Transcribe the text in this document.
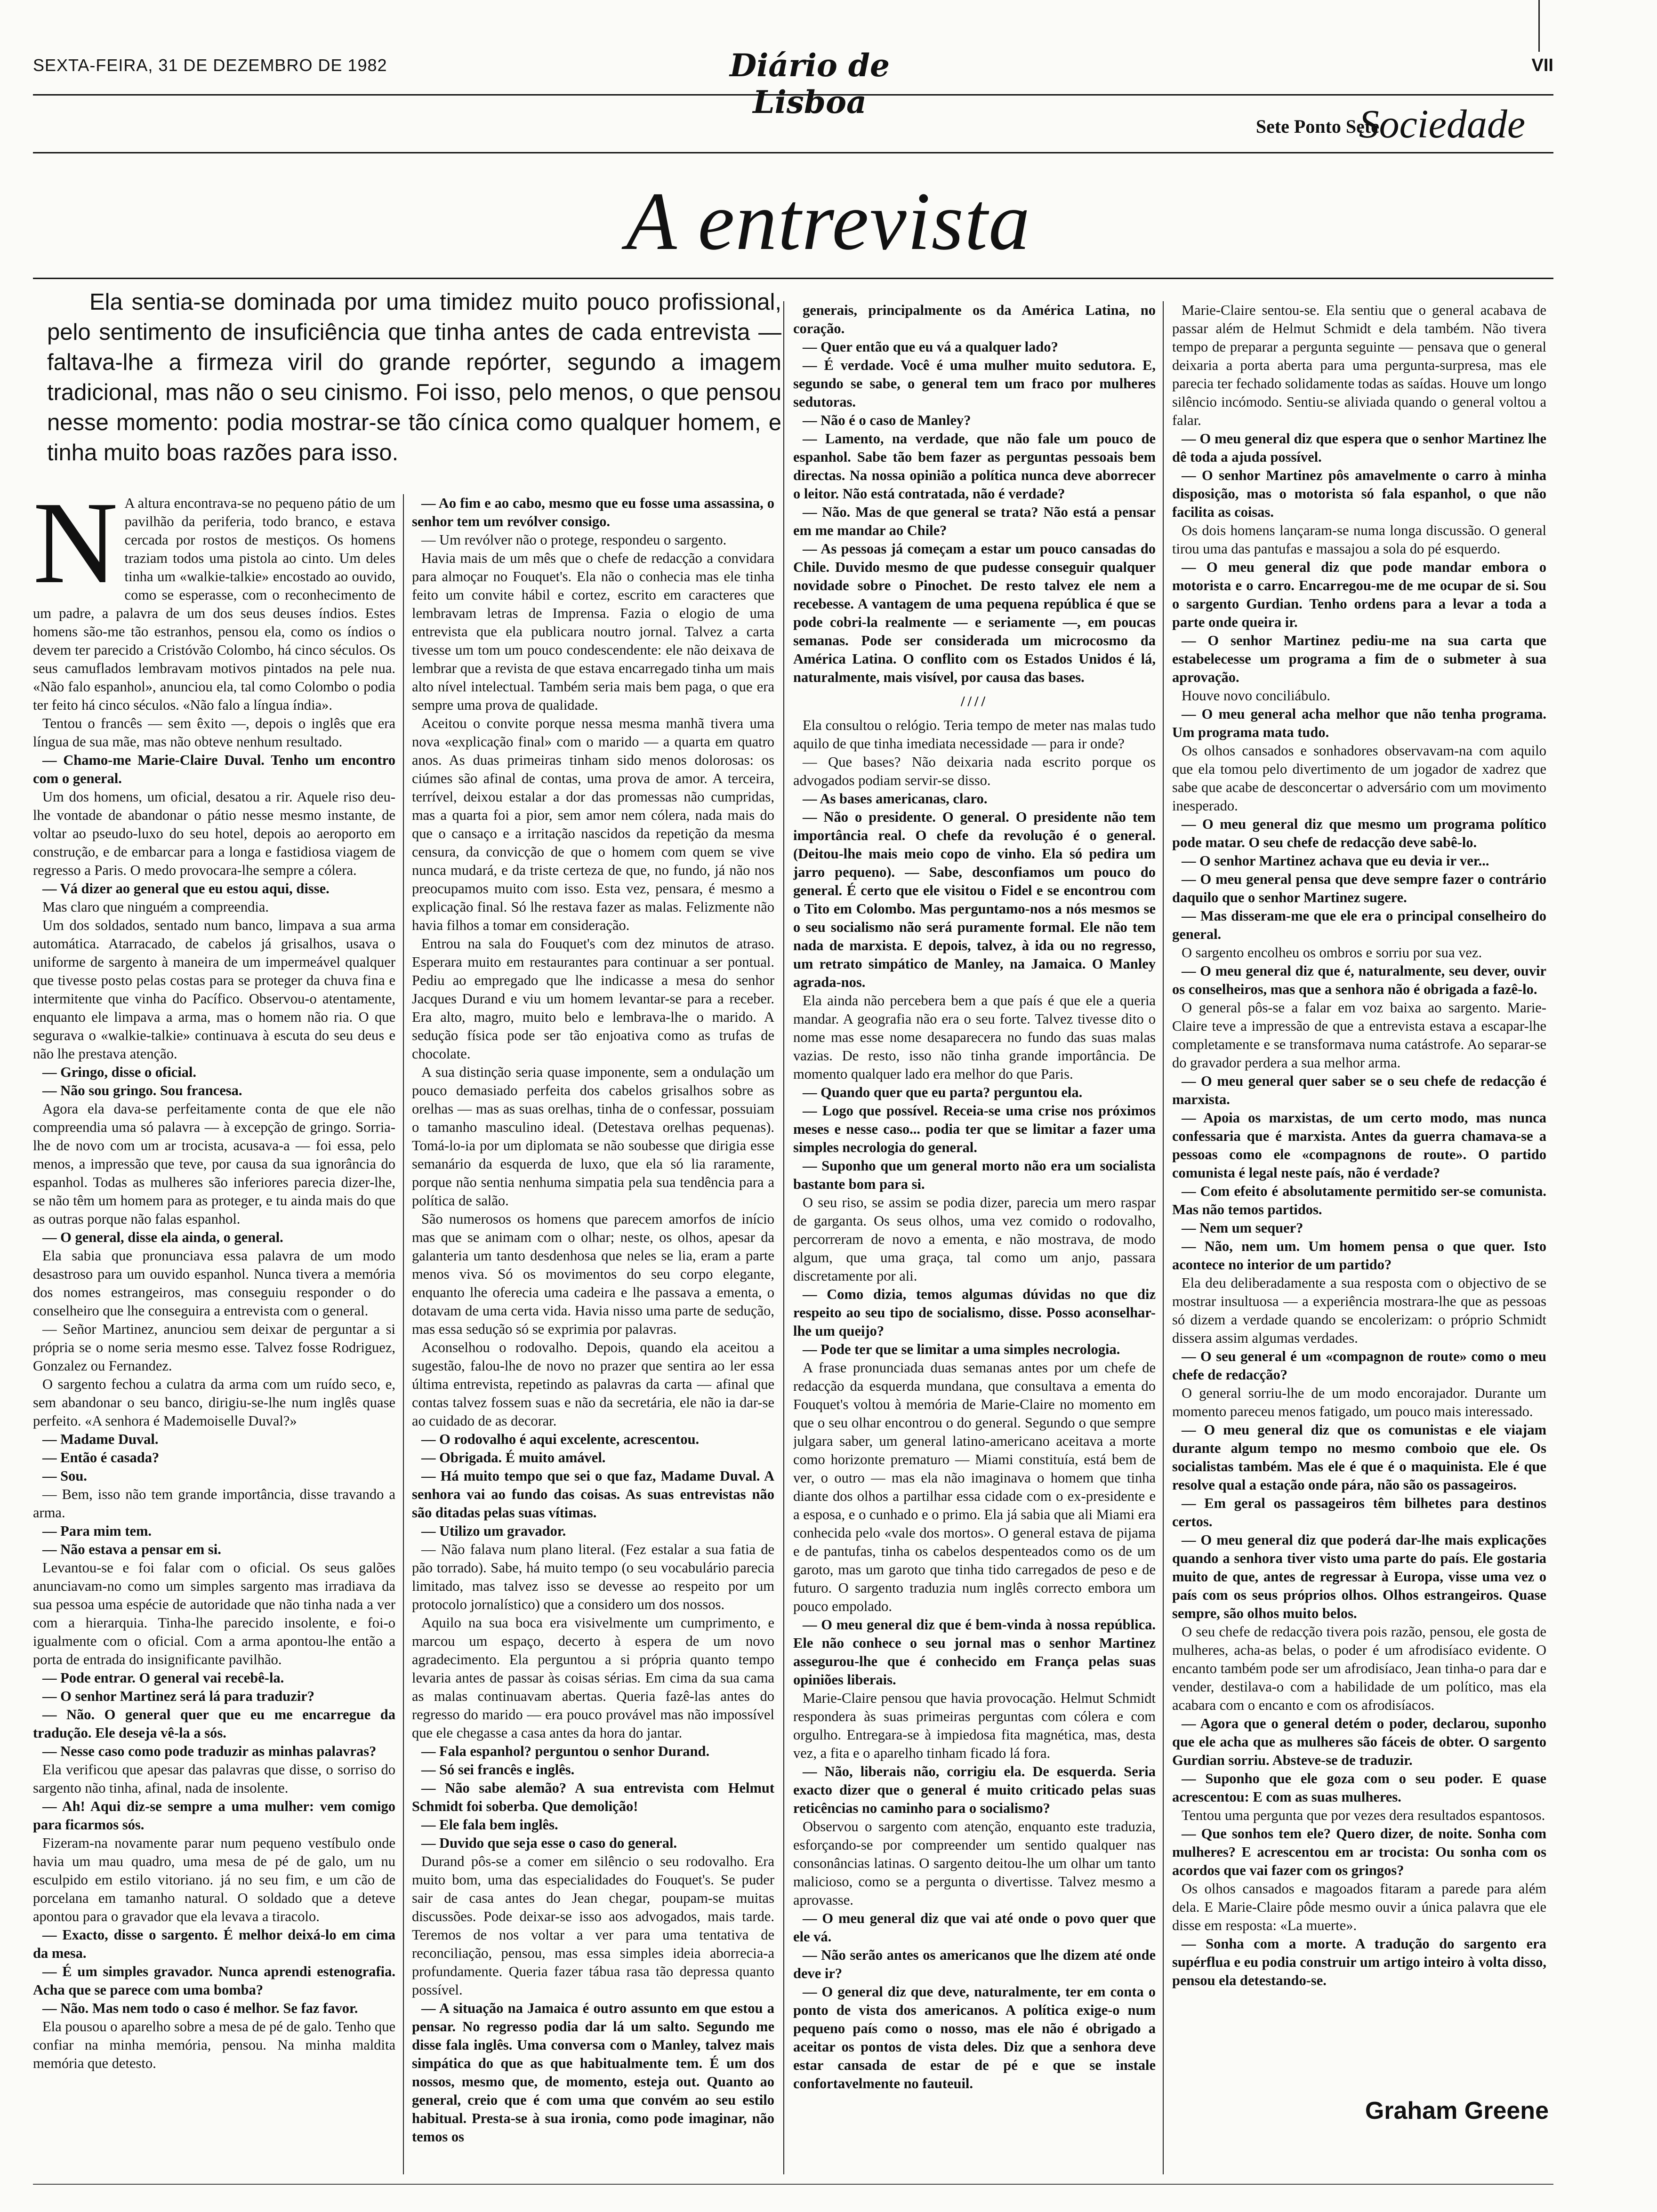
SEXTA-FEIRA, 31 DE DEZEMBRO DE 1982	Diário de Lisboa
VII
Sete Ponto Sete
Sociedade
A entrevista
Ela sentia-se dominada por uma timidez muito pouco profissional, pelo sentimento de insuficiência que tinha antes de cada entrevista — faltava-lhe a firmeza viril do grande repórter, segundo a imagem tradicional, mas não o seu cinismo. Foi isso, pelo menos, o que pensou nesse momento: podia mostrar-se tão cínica como qualquer homem, e tinha muito boas razões para isso.
N A altura encontrava-se no pequeno pátio de um pavilhão da periferia, todo branco, e estava cercada por rostos de mestiços. Os homens traziam todos uma pistola ao cinto. Um deles tinha um «walkie-talkie» encostado ao ouvido, como se esperasse, com o reconhecimento de um padre, a palavra de um dos seus deuses índios. Estes homens são-me tão estranhos, pensou ela, como os índios o devem ter parecido a Cristóvão Colombo, há cinco séculos. Os seus camuflados lembravam motivos pintados na pele nua. «Não falo espanhol», anunciou ela, tal como Colombo o podia ter feito há cinco séculos. «Não falo a língua índia».

Tentou o francês — sem êxito —, depois o inglês que era língua de sua mãe, mas não obteve nenhum resultado.

— Chamo-me Marie-Claire Duval. Tenho um encontro com o general.

Um dos homens, um oficial, desatou a rir. Aquele riso deu-lhe vontade de abandonar o pátio nesse mesmo instante, de voltar ao pseudo-luxo do seu hotel, depois ao aeroporto em construção, e de embarcar para a longa e fastidiosa viagem de regresso a Paris. O medo provocara-lhe sempre a cólera.

— Vá dizer ao general que eu estou aqui, disse.

Mas claro que ninguém a compreendia.

Um dos soldados, sentado num banco, limpava a sua arma automática. Atarracado, de cabelos já grisalhos, usava o uniforme de sargento à maneira de um impermeável qualquer que tivesse posto pelas costas para se proteger da chuva fina e intermitente que vinha do Pacífico. Observou-o atentamente, enquanto ele limpava a arma, mas o homem não ria. O que segurava o «walkie-talkie» continuava à escuta do seu deus e não lhe prestava atenção.

— Gringo, disse o oficial.

— Não sou gringo. Sou francesa.

Agora ela dava-se perfeitamente conta de que ele não compreendia uma só palavra — à excepção de gringo. Sorria-lhe de novo com um ar trocista, acusava-a — foi essa, pelo menos, a impressão que teve, por causa da sua ignorância do espanhol. Todas as mulheres são inferiores parecia dizer-lhe, se não têm um homem para as proteger, e tu ainda mais do que as outras porque não falas espanhol.

— O general, disse ela ainda, o general.

Ela sabia que pronunciava essa palavra de um modo desastroso para um ouvido espanhol. Nunca tivera a memória dos nomes estrangeiros, mas conseguiu responder o do conselheiro que lhe conseguira a entrevista com o general.

— Señor Martinez, anunciou sem deixar de perguntar a si própria se o nome seria mesmo esse. Talvez fosse Rodriguez, Gonzalez ou Fernandez.

O sargento fechou a culatra da arma com um ruído seco, e, sem abandonar o seu banco, dirigiu-se-lhe num inglês quase perfeito. «A senhora é Mademoiselle Duval?»

— Madame Duval.

— Então é casada?

— Sou.

— Bem, isso não tem grande importância, disse travando a arma.

— Para mim tem.

— Não estava a pensar em si.

Levantou-se e foi falar com o oficial. Os seus galões anunciavam-no como um simples sargento mas irradiava da sua pessoa uma espécie de autoridade que não tinha nada a ver com a hierarquia. Tinha-lhe parecido insolente, e foi-o igualmente com o oficial. Com a arma apontou-lhe então a porta de entrada do insignificante pavilhão.

— Pode entrar. O general vai recebê-la.

— O senhor Martinez será lá para traduzir?

— Não. O general quer que eu me encarregue da tradução. Ele deseja vê-la a sós.

— Nesse caso como pode traduzir as minhas palavras?

Ela verificou que apesar das palavras que disse, o sorriso do sargento não tinha, afinal, nada de insolente.

— Ah! Aqui diz-se sempre a uma mulher: vem comigo para ficarmos sós.

Fizeram-na novamente parar num pequeno vestíbulo onde havia um mau quadro, uma mesa de pé de galo, um nu esculpido em estilo vitoriano. já no seu fim, e um cão de porcelana em tamanho natural. O soldado que a deteve apontou para o gravador que ela levava a tiracolo.

— Exacto, disse o sargento. É melhor deixá-lo em cima da mesa.

— É um simples gravador. Nunca aprendi estenografia. Acha que se parece com uma bomba?

— Não. Mas nem todo o caso é melhor. Se faz favor.

Ela pousou o aparelho sobre a mesa de pé de galo. Tenho que confiar na minha memória, pensou. Na minha maldita memória que detesto.

— Ao fim e ao cabo, mesmo que eu fosse uma assassina, o senhor tem um revólver consigo.

— Um revólver não o protege, respondeu o sargento.

Havia mais de um mês que o chefe de redacção a convidara para almoçar no Fouquet's. Ela não o conhecia mas ele tinha feito um convite hábil e cortez, escrito em caracteres que lembravam letras de Imprensa. Fazia o elogio de uma entrevista que ela publicara noutro jornal. Talvez a carta tivesse um tom um pouco condescendente: ele não deixava de lembrar que a revista de que estava encarregado tinha um mais alto nível intelectual. Também seria mais bem paga, o que era sempre uma prova de qualidade.

Aceitou o convite porque nessa mesma manhã tivera uma nova «explicação final» com o marido — a quarta em quatro anos. As duas primeiras tinham sido menos dolorosas: os ciúmes são afinal de contas, uma prova de amor. A terceira, terrível, deixou estalar a dor das promessas não cumpridas, mas a quarta foi a pior, sem amor nem cólera, nada mais do que o cansaço e a irritação nascidos da repetição da mesma censura, da convicção de que o homem com quem se vive nunca mudará, e da triste certeza de que, no fundo, já não nos preocupamos muito com isso. Esta vez, pensara, é mesmo a explicação final. Só lhe restava fazer as malas. Felizmente não havia filhos a tomar em consideração.

Entrou na sala do Fouquet's com dez minutos de atraso. Esperara muito em restaurantes para continuar a ser pontual. Pediu ao empregado que lhe indicasse a mesa do senhor Jacques Durand e viu um homem levantar-se para a receber. Era alto, magro, muito belo e lembrava-lhe o marido. A sedução física pode ser tão enjoativa como as trufas de chocolate.

A sua distinção seria quase imponente, sem a ondulação um pouco demasiado perfeita dos cabelos grisalhos sobre as orelhas — mas as suas orelhas, tinha de o confessar, possuiam o tamanho masculino ideal. (Detestava orelhas pequenas). Tomá-lo-ia por um diplomata se não soubesse que dirigia esse semanário da esquerda de luxo, que ela só lia raramente, porque não sentia nenhuma simpatia pela sua tendência para a política de salão.

São numerosos os homens que parecem amorfos de início mas que se animam com o olhar; neste, os olhos, apesar da galanteria um tanto desdenhosa que neles se lia, eram a parte menos viva. Só os movimentos do seu corpo elegante, enquanto lhe oferecia uma cadeira e lhe passava a ementa, o dotavam de uma certa vida. Havia nisso uma parte de sedução, mas essa sedução só se exprimia por palavras.

Aconselhou o rodovalho. Depois, quando ela aceitou a sugestão, falou-lhe de novo no prazer que sentira ao ler essa última entrevista, repetindo as palavras da carta — afinal que contas talvez fossem suas e não da secretária, ele não ia dar-se ao cuidado de as decorar.

— O rodovalho é aqui excelente, acrescentou.

— Obrigada. É muito amável.

— Há muito tempo que sei o que faz, Madame Duval. A senhora vai ao fundo das coisas. As suas entrevistas não são ditadas pelas suas vítimas.

— Utilizo um gravador.

— Não falava num plano literal. (Fez estalar a sua fatia de pão torrado). Sabe, há muito tempo (o seu vocabulário parecia limitado, mas talvez isso se devesse ao respeito por um protocolo jornalístico) que a considero um dos nossos.

Aquilo na sua boca era visivelmente um cumprimento, e marcou um espaço, decerto à espera de um novo agradecimento. Ela perguntou a si própria quanto tempo levaria antes de passar às coisas sérias. Em cima da sua cama as malas continuavam abertas. Queria fazê-las antes do regresso do marido — era pouco provável mas não impossível que ele chegasse a casa antes da hora do jantar.

— Fala espanhol? perguntou o senhor Durand.

— Só sei francês e inglês.

— Não sabe alemão? A sua entrevista com Helmut Schmidt foi soberba. Que demolição!

— Ele fala bem inglês.

— Duvido que seja esse o caso do general.

Durand pôs-se a comer em silêncio o seu rodovalho. Era muito bom, uma das especialidades do Fouquet's. Se puder sair de casa antes do Jean chegar, poupam-se muitas discussões. Pode deixar-se isso aos advogados, mais tarde. Teremos de nos voltar a ver para uma tentativa de reconciliação, pensou, mas essa simples ideia aborrecia-a profundamente. Queria fazer tábua rasa tão depressa quanto possível.

— A situação na Jamaica é outro assunto em que estou a pensar. No regresso podia dar lá um salto. Segundo me disse fala inglês. Uma conversa com o Manley, talvez mais simpática do que as que habitualmente tem. É um dos nossos, mesmo que, de momento, esteja out. Quanto ao general, creio que é com uma que convém ao seu estilo habitual. Presta-se à sua ironia, como pode imaginar, não temos os

generais, principalmente os da América Latina, no coração.

— Quer então que eu vá a qualquer lado?

— É verdade. Você é uma mulher muito sedutora. E, segundo se sabe, o general tem um fraco por mulheres sedutoras.

— Não é o caso de Manley?

— Lamento, na verdade, que não fale um pouco de espanhol. Sabe tão bem fazer as perguntas pessoais bem directas. Na nossa opinião a política nunca deve aborrecer o leitor. Não está contratada, não é verdade?

— Não. Mas de que general se trata? Não está a pensar em me mandar ao Chile?

— As pessoas já começam a estar um pouco cansadas do Chile. Duvido mesmo de que pudesse conseguir qualquer novidade sobre o Pinochet. De resto talvez ele nem a recebesse. A vantagem de uma pequena república é que se pode cobri-la realmente — e seriamente —, em poucas semanas. Pode ser considerada um microcosmo da América Latina. O conflito com os Estados Unidos é lá, naturalmente, mais visível, por causa das bases.

////

Ela consultou o relógio. Teria tempo de meter nas malas tudo aquilo de que tinha imediata necessidade — para ir onde?

— Que bases? Não deixaria nada escrito porque os advogados podiam servir-se disso.

— As bases americanas, claro.

— Não o presidente. O general. O presidente não tem importância real. O chefe da revolução é o general. (Deitou-lhe mais meio copo de vinho. Ela só pedira um jarro pequeno). — Sabe, desconfiamos um pouco do general. É certo que ele visitou o Fidel e se encontrou com o Tito em Colombo. Mas perguntamo-nos a nós mesmos se o seu socialismo não será puramente formal. Ele não tem nada de marxista. E depois, talvez, à ida ou no regresso, um retrato simpático de Manley, na Jamaica. O Manley agrada-nos.

Ela ainda não percebera bem a que país é que ele a queria mandar. A geografia não era o seu forte. Talvez tivesse dito o nome mas esse nome desaparecera no fundo das suas malas vazias. De resto, isso não tinha grande importância. De momento qualquer lado era melhor do que Paris.

— Quando quer que eu parta? perguntou ela.

— Logo que possível. Receia-se uma crise nos próximos meses e nesse caso... podia ter que se limitar a fazer uma simples necrologia do general.

— Suponho que um general morto não era um socialista bastante bom para si.

O seu riso, se assim se podia dizer, parecia um mero raspar de garganta. Os seus olhos, uma vez comido o rodovalho, percorreram de novo a ementa, e não mostrava, de modo algum, que uma graça, tal como um anjo, passara discretamente por ali.

— Como dizia, temos algumas dúvidas no que diz respeito ao seu tipo de socialismo, disse. Posso aconselhar-lhe um queijo?

— Pode ter que se limitar a uma simples necrologia.

A frase pronunciada duas semanas antes por um chefe de redacção da esquerda mundana, que consultava a ementa do Fouquet's voltou à memória de Marie-Claire no momento em que o seu olhar encontrou o do general. Segundo o que sempre julgara saber, um general latino-americano aceitava a morte como horizonte prematuro — Miami constituía, está bem de ver, o outro — mas ela não imaginava o homem que tinha diante dos olhos a partilhar essa cidade com o ex-presidente e a esposa, e o cunhado e o primo. Ela já sabia que ali Miami era conhecida pelo «vale dos mortos». O general estava de pijama e de pantufas, tinha os cabelos despenteados como os de um garoto, mas um garoto que tinha tido carregados de peso e de futuro. O sargento traduzia num inglês correcto embora um pouco empolado.

— O meu general diz que é bem-vinda à nossa república. Ele não conhece o seu jornal mas o senhor Martinez assegurou-lhe que é conhecido em França pelas suas opiniões liberais.

Marie-Claire pensou que havia provocação. Helmut Schmidt respondera às suas primeiras perguntas com cólera e com orgulho. Entregara-se à impiedosa fita magnética, mas, desta vez, a fita e o aparelho tinham ficado lá fora.

— Não, liberais não, corrigiu ela. De esquerda. Seria exacto dizer que o general é muito criticado pelas suas reticências no caminho para o socialismo?

Observou o sargento com atenção, enquanto este traduzia, esforçando-se por compreender um sentido qualquer nas consonâncias latinas. O sargento deitou-lhe um olhar um tanto malicioso, como se a pergunta o divertisse. Talvez mesmo a aprovasse.

— O meu general diz que vai até onde o povo quer que ele vá.

— Não serão antes os americanos que lhe dizem até onde deve ir?

— O general diz que deve, naturalmente, ter em conta o ponto de vista dos americanos. A política exige-o num pequeno país como o nosso, mas ele não é obrigado a aceitar os pontos de vista deles. Diz que a senhora deve estar cansada de estar de pé e que se instale confortavelmente no fauteuil.

Marie-Claire sentou-se. Ela sentiu que o general acabava de passar além de Helmut Schmidt e dela também. Não tivera tempo de preparar a pergunta seguinte — pensava que o general deixaria a porta aberta para uma pergunta-surpresa, mas ele parecia ter fechado solidamente todas as saídas. Houve um longo silêncio incómodo. Sentiu-se aliviada quando o general voltou a falar.

— O meu general diz que espera que o senhor Martinez lhe dê toda a ajuda possível.

— O senhor Martinez pôs amavelmente o carro à minha disposição, mas o motorista só fala espanhol, o que não facilita as coisas.

Os dois homens lançaram-se numa longa discussão. O general tirou uma das pantufas e massajou a sola do pé esquerdo.

— O meu general diz que pode mandar embora o motorista e o carro. Encarregou-me de me ocupar de si. Sou o sargento Gurdian. Tenho ordens para a levar a toda a parte onde queira ir.

— O senhor Martinez pediu-me na sua carta que estabelecesse um programa a fim de o submeter à sua aprovação.

Houve novo conciliábulo.

— O meu general acha melhor que não tenha programa. Um programa mata tudo.

Os olhos cansados e sonhadores observavam-na com aquilo que ela tomou pelo divertimento de um jogador de xadrez que sabe que acabe de desconcertar o adversário com um movimento inesperado.

— O meu general diz que mesmo um programa político pode matar. O seu chefe de redacção deve sabê-lo.

— O senhor Martinez achava que eu devia ir ver...

— O meu general pensa que deve sempre fazer o contrário daquilo que o senhor Martinez sugere.

— Mas disseram-me que ele era o principal conselheiro do general.

O sargento encolheu os ombros e sorriu por sua vez.

— O meu general diz que é, naturalmente, seu dever, ouvir os conselheiros, mas que a senhora não é obrigada a fazê-lo.

O general pôs-se a falar em voz baixa ao sargento. Marie-Claire teve a impressão de que a entrevista estava a escapar-lhe completamente e se transformava numa catástrofe. Ao separar-se do gravador perdera a sua melhor arma.

— O meu general quer saber se o seu chefe de redacção é marxista.

— Apoia os marxistas, de um certo modo, mas nunca confessaria que é marxista. Antes da guerra chamava-se a pessoas como ele «compagnons de route». O partido comunista é legal neste país, não é verdade?

— Com efeito é absolutamente permitido ser-se comunista. Mas não temos partidos.

— Nem um sequer?

— Não, nem um. Um homem pensa o que quer. Isto acontece no interior de um partido?

Ela deu deliberadamente a sua resposta com o objectivo de se mostrar insultuosa — a experiência mostrara-lhe que as pessoas só dizem a verdade quando se encolerizam: o próprio Schmidt dissera assim algumas verdades.

— O seu general é um «compagnon de route» como o meu chefe de redacção?

O general sorriu-lhe de um modo encorajador. Durante um momento pareceu menos fatigado, um pouco mais interessado.

— O meu general diz que os comunistas e ele viajam durante algum tempo no mesmo comboio que ele. Os socialistas também. Mas ele é que é o maquinista. Ele é que resolve qual a estação onde pára, não são os passageiros.

— Em geral os passageiros têm bilhetes para destinos certos.

— O meu general diz que poderá dar-lhe mais explicações quando a senhora tiver visto uma parte do país. Ele gostaria muito de que, antes de regressar à Europa, visse uma vez o país com os seus próprios olhos. Olhos estrangeiros. Quase sempre, são olhos muito belos.

O seu chefe de redacção tivera pois razão, pensou, ele gosta de mulheres, acha-as belas, o poder é um afrodisíaco evidente. O encanto também pode ser um afrodisíaco, Jean tinha-o para dar e vender, destilava-o com a habilidade de um político, mas ela acabara com o encanto e com os afrodisíacos.

— Agora que o general detém o poder, declarou, suponho que ele acha que as mulheres são fáceis de obter. O sargento Gurdian sorriu. Absteve-se de traduzir.

— Suponho que ele goza com o seu poder. E quase acrescentou: E com as suas mulheres.

Tentou uma pergunta que por vezes dera resultados espantosos.

— Que sonhos tem ele? Quero dizer, de noite. Sonha com mulheres? E acrescentou em ar trocista: Ou sonha com os acordos que vai fazer com os gringos?

Os olhos cansados e magoados fitaram a parede para além dela. E Marie-Claire pôde mesmo ouvir a única palavra que ele disse em resposta: «La muerte».

— Sonha com a morte. A tradução do sargento era supérflua e eu podia construir um artigo inteiro à volta disso, pensou ela detestando-se.

Graham Greene
